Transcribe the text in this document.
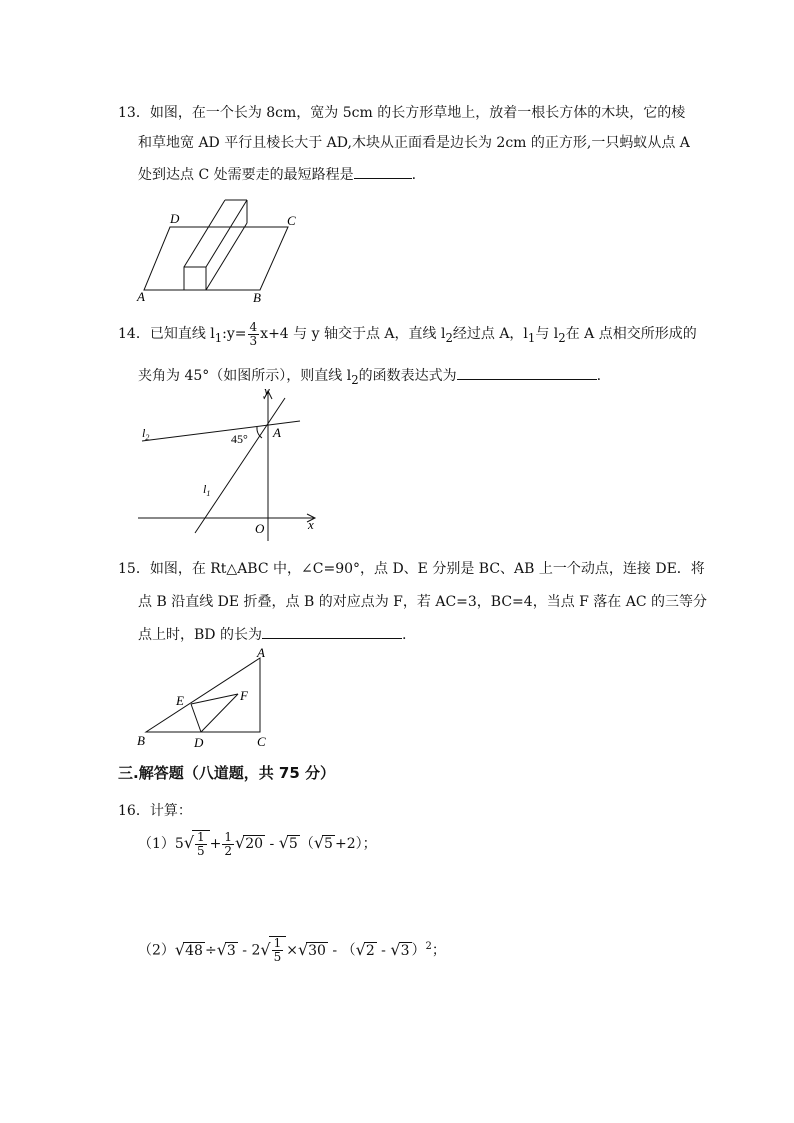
13．如图，在一个长为 8cm，宽为 5cm 的长方形草地上，放着一根长方体的木块，它的棱
和草地宽 AD 平行且棱长大于 AD,木块从正面看是边长为 2cm 的正方形,一只蚂蚁从点 A
处到达点 C 处需要走的最短路程是	.
D	C
A	B
14．已知直线 $l_1:y= \frac{4}{3} x+4$ 与 y 轴交于点 A，直线 $l_2$经过点 A，$l_1$与 $l_2$在 A 点相交所形成的
夹角为 45°（如图所示），则直线 $l_2$的函数表达式为	.
y
x
O
A
45°
$l_2$
$l_1$
15．如图，在 Rt△ABC 中，∠C=90°，点 D、E 分别是 BC、AB 上一个动点，连接 DE．将
点 B 沿直线 DE 折叠，点 B 的对应点为 F，若 AC=3，BC=4，当点 F 落在 AC 的三等分
点上时，BD 的长为	.
A
B	C
D
E	F
三.解答题（八道题，共 75 分）
16．计算：
$(1)5√ \frac{1}{5} + \frac{1}{2} √20 - √5$ （√5 +2）；
$(2)√48 \div√3 - 2√ \frac{1}{5} \times√30 - (√2 - √3$ ）$^2$；
